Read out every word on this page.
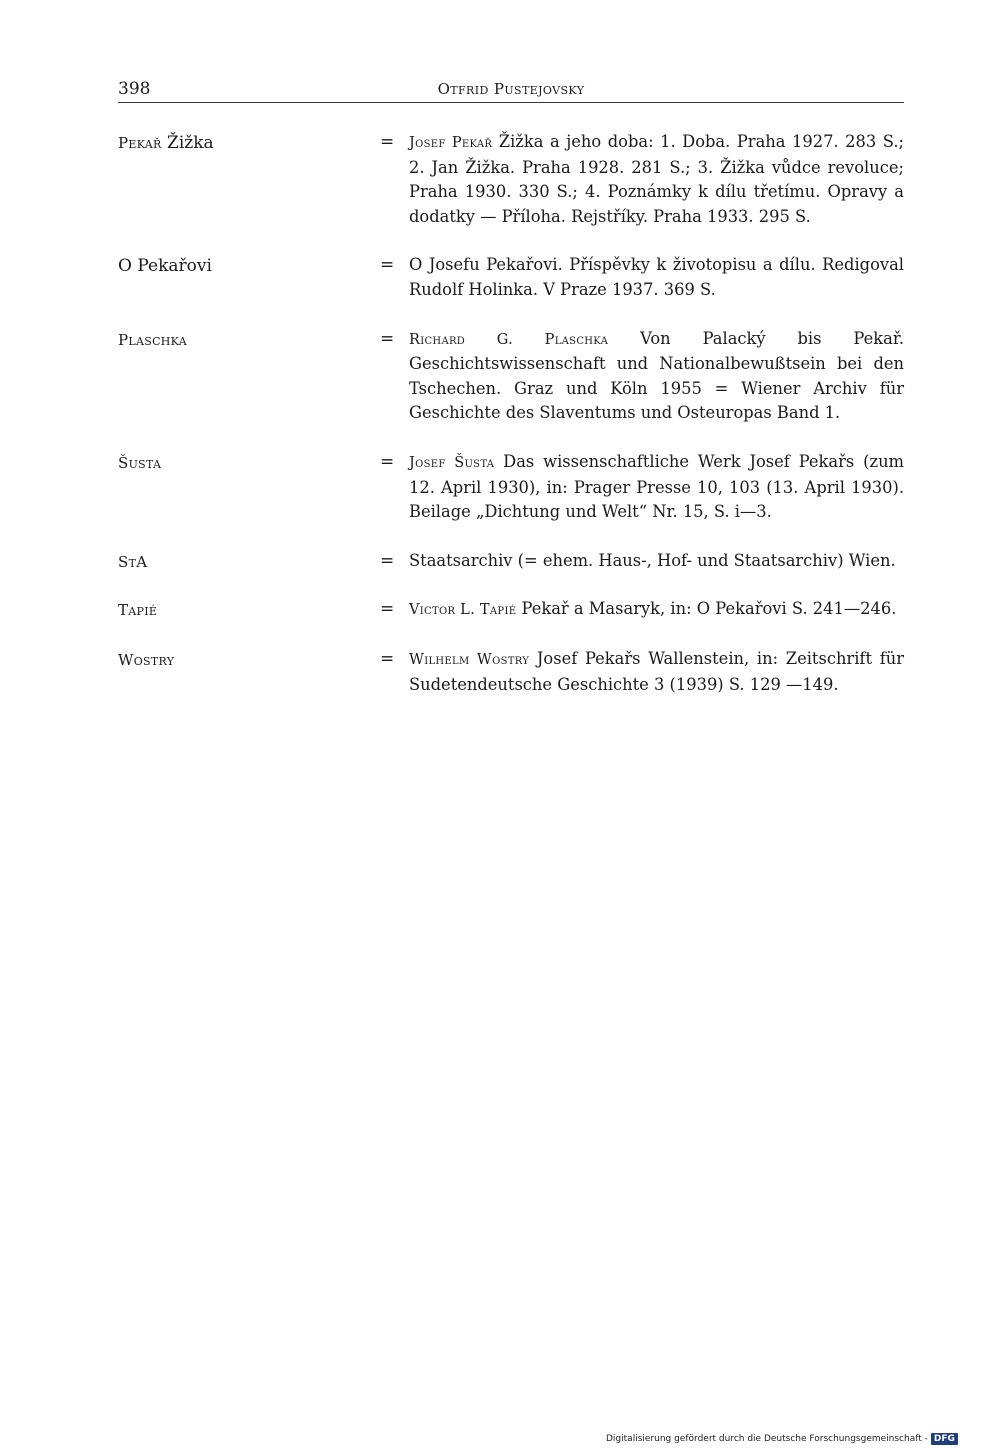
398	Otfrid Pustejovsky
Pekař Žižka	=	Josef Pekař Žižka a jeho doba: 1. Doba. Praha 1927. 283 S.; 2. Jan Žižka. Praha 1928. 281 S.; 3. Žižka vůdce revoluce; Praha 1930. 330 S.; 4. Poznámky k dílu třetímu. Opravy a dodatky — Příloha. Rejstříky. Praha 1933. 295 S.
O Pekařovi	= O Josefu Pekařovi. Příspěvky k životopisu a dílu. Redigoval Rudolf Holinka. V Praze 1937. 369 S.
Plaschka	=	Richard G. Plaschka Von Palacký bis Pekař. Geschichtswissenschaft und Nationalbewußtsein bei den Tschechen. Graz und Köln 1955 = Wiener Archiv für Geschichte des Slaventums und Osteuropas Band 1.
Šusta	=	Josef Šusta Das wissenschaftliche Werk Josef Pekařs (zum 12. April 1930), in: Prager Presse 10, 103 (13. April 1930). Beilage „Dichtung und Welt“ Nr. 15, S. i—3.
StA	= Staatsarchiv (= ehem. Haus-, Hof- und Staatsarchiv) Wien.
Tapié	=	Victor L. Tapié Pekař a Masaryk, in: O Pekařovi S. 241—246.
Wostry	=	Wilhelm Wostry Josef Pekařs Wallenstein, in: Zeitschrift für Sudetendeutsche Geschichte 3 (1939) S. 129 —149.
Digitalisierung gefördert durch die Deutsche Forschungsgemeinschaft - DFG
